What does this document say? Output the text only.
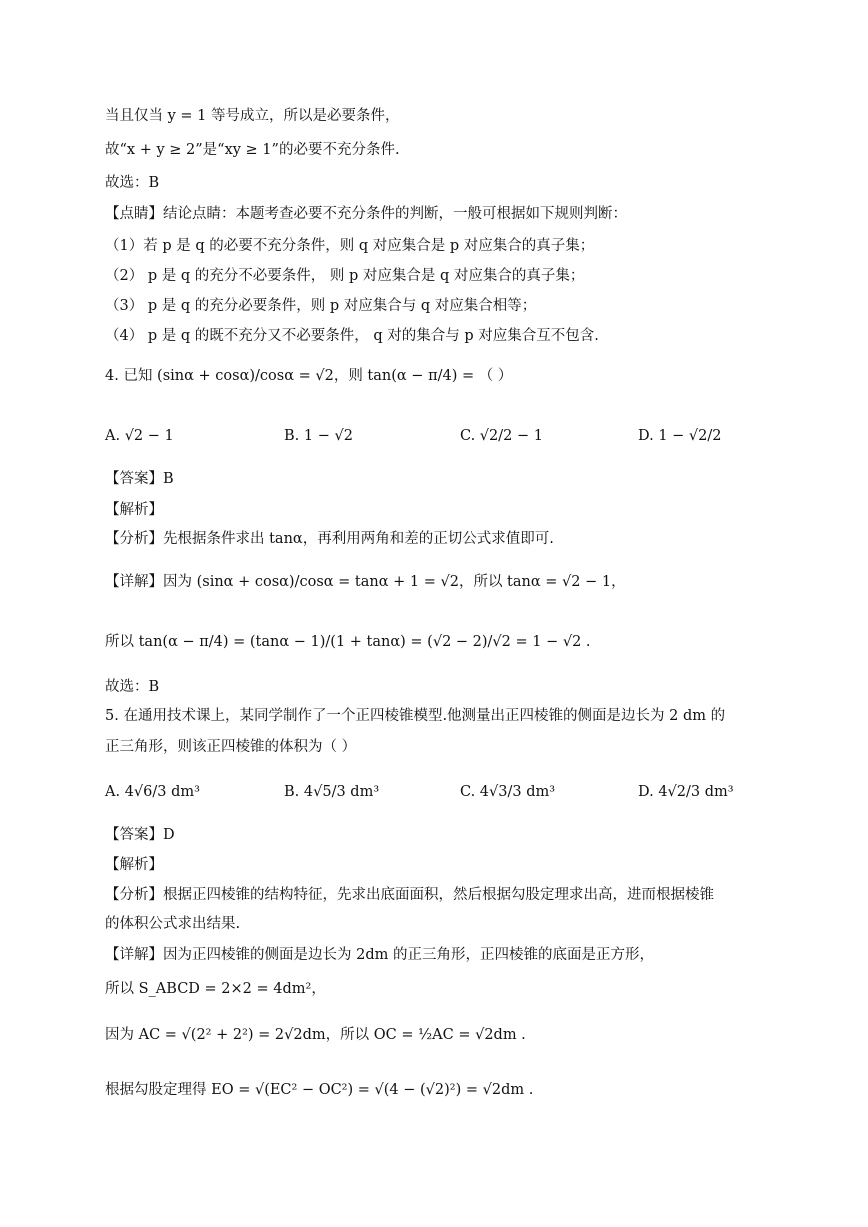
当且仅当 y = 1 等号成立，所以是必要条件，
故“x + y ≥ 2”是“xy ≥ 1”的必要不充分条件.
故选：B
【点睛】结论点睛：本题考查必要不充分条件的判断，一般可根据如下规则判断：
（1）若 p 是 q 的必要不充分条件，则 q 对应集合是 p 对应集合的真子集；
（2） p 是 q 的充分不必要条件， 则 p 对应集合是 q 对应集合的真子集；
（3） p 是 q 的充分必要条件，则 p 对应集合与 q 对应集合相等；
（4） p 是 q 的既不充分又不必要条件， q 对的集合与 p 对应集合互不包含.
4. 已知 (sinα + cosα)/cosα = √2，则 tan(α − π/4) = （ ）
A. √2 − 1	B. 1 − √2	C. √2/2 − 1	D. 1 − √2/2
【答案】B
【解析】
【分析】先根据条件求出 tanα，再利用两角和差的正切公式求值即可.
【详解】因为 (sinα + cosα)/cosα = tanα + 1 = √2，所以 tanα = √2 − 1，
所以 tan(α − π/4) = (tanα − 1)/(1 + tanα) = (√2 − 2)/√2 = 1 − √2 .
故选：B
5. 在通用技术课上，某同学制作了一个正四棱锥模型.他测量出正四棱锥的侧面是边长为 2 dm 的
正三角形，则该正四棱锥的体积为（ ）
A. 4√6/3 dm³	B. 4√5/3 dm³	C. 4√3/3 dm³	D. 4√2/3 dm³
【答案】D
【解析】
【分析】根据正四棱锥的结构特征，先求出底面面积，然后根据勾股定理求出高，进而根据棱锥
的体积公式求出结果.
【详解】因为正四棱锥的侧面是边长为 2dm 的正三角形，正四棱锥的底面是正方形，
所以 S_ABCD = 2×2 = 4dm²，
因为 AC = √(2² + 2²) = 2√2dm，所以 OC = ½AC = √2dm .
根据勾股定理得 EO = √(EC² − OC²) = √(4 − (√2)²) = √2dm .
